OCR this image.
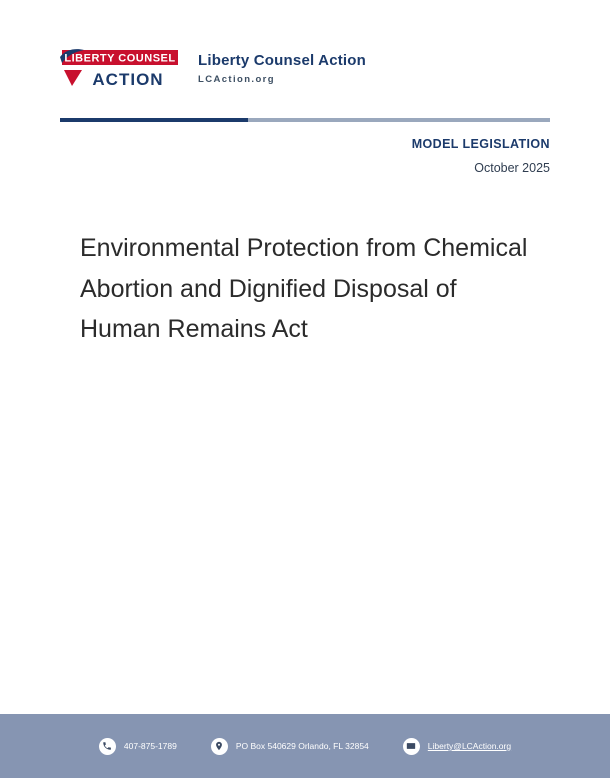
LIBERTY COUNSEL
ACTION
Liberty Counsel Action
LCAction.org
MODEL LEGISLATION
October 2025
Environmental Protection from Chemical Abortion and Dignified Disposal of Human Remains Act
407-875-1789	PO Box 540629 Orlando, FL 32854	Liberty@LCAction.org
